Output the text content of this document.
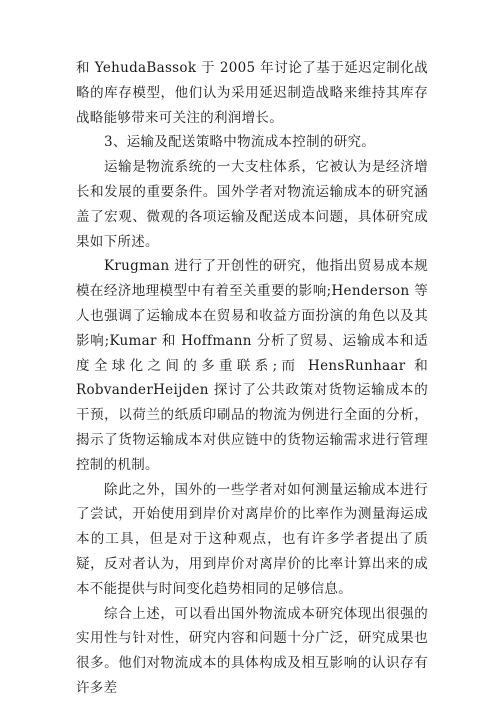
和 YehudaBassok 于 2005 年讨论了基于延迟定制化战略的库存模型，他们认为采用延迟制造战略来维持其库存战略能够带来可关注的利润增长。

3、运输及配送策略中物流成本控制的研究。

运输是物流系统的一大支柱体系，它被认为是经济增长和发展的重要条件。国外学者对物流运输成本的研究涵盖了宏观、微观的各项运输及配送成本问题，具体研究成果如下所述。

Krugman 进行了开创性的研究，他指出贸易成本规模在经济地理模型中有着至关重要的影响;Henderson 等人也强调了运输成本在贸易和收益方面扮演的角色以及其影响;Kumar 和 Hoffmann 分析了贸易、运输成本和适度全球化之间的多重联系;而 HensRunhaar 和 RobvanderHeijden 探讨了公共政策对货物运输成本的干预，以荷兰的纸质印刷品的物流为例进行全面的分析，揭示了货物运输成本对供应链中的货物运输需求进行管理控制的机制。

除此之外，国外的一些学者对如何测量运输成本进行了尝试，开始使用到岸价对离岸价的比率作为测量海运成本的工具，但是对于这种观点，也有许多学者提出了质疑，反对者认为，用到岸价对离岸价的比率计算出来的成本不能提供与时间变化趋势相同的足够信息。

综合上述，可以看出国外物流成本研究体现出很强的实用性与针对性，研究内容和问题十分广泛，研究成果也很多。他们对物流成本的具体构成及相互影响的认识存有许多差
